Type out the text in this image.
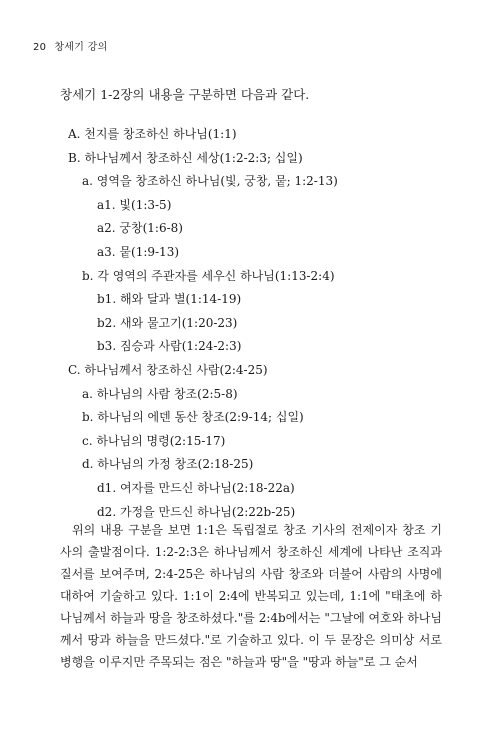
20 창세기 강의
창세기 1-2장의 내용을 구분하면 다음과 같다.
A. 천지를 창조하신 하나님(1:1)
B. 하나님께서 창조하신 세상(1:2-2:3; 십일)
a. 영역을 창조하신 하나님(빛, 궁창, 뭍; 1:2-13)
a1. 빛(1:3-5)
a2. 궁창(1:6-8)
a3. 뭍(1:9-13)
b. 각 영역의 주관자를 세우신 하나님(1:13-2:4)
b1. 해와 달과 별(1:14-19)
b2. 새와 물고기(1:20-23)
b3. 짐승과 사람(1:24-2:3)
C. 하나님께서 창조하신 사람(2:4-25)
a. 하나님의 사람 창조(2:5-8)
b. 하나님의 에덴 동산 창조(2:9-14; 십일)
c. 하나님의 명령(2:15-17)
d. 하나님의 가정 창조(2:18-25)
d1. 여자를 만드신 하나님(2:18-22a)
d2. 가정을 만드신 하나님(2:22b-25)

위의 내용 구분을 보면 1:1은 독립절로 창조 기사의 전제이자 창조 기사의 출발점이다. 1:2-2:3은 하나님께서 창조하신 세계에 나타난 조직과 질서를 보여주며, 2:4-25은 하나님의 사람 창조와 더불어 사람의 사명에 대하여 기술하고 있다. 1:1이 2:4에 반복되고 있는데, 1:1에 "태초에 하나님께서 하늘과 땅을 창조하셨다."를 2:4b에서는 "그날에 여호와 하나님께서 땅과 하늘을 만드셨다."로 기술하고 있다. 이 두 문장은 의미상 서로 병행을 이루지만 주목되는 점은 "하늘과 땅"을 "땅과 하늘"로 그 순서
